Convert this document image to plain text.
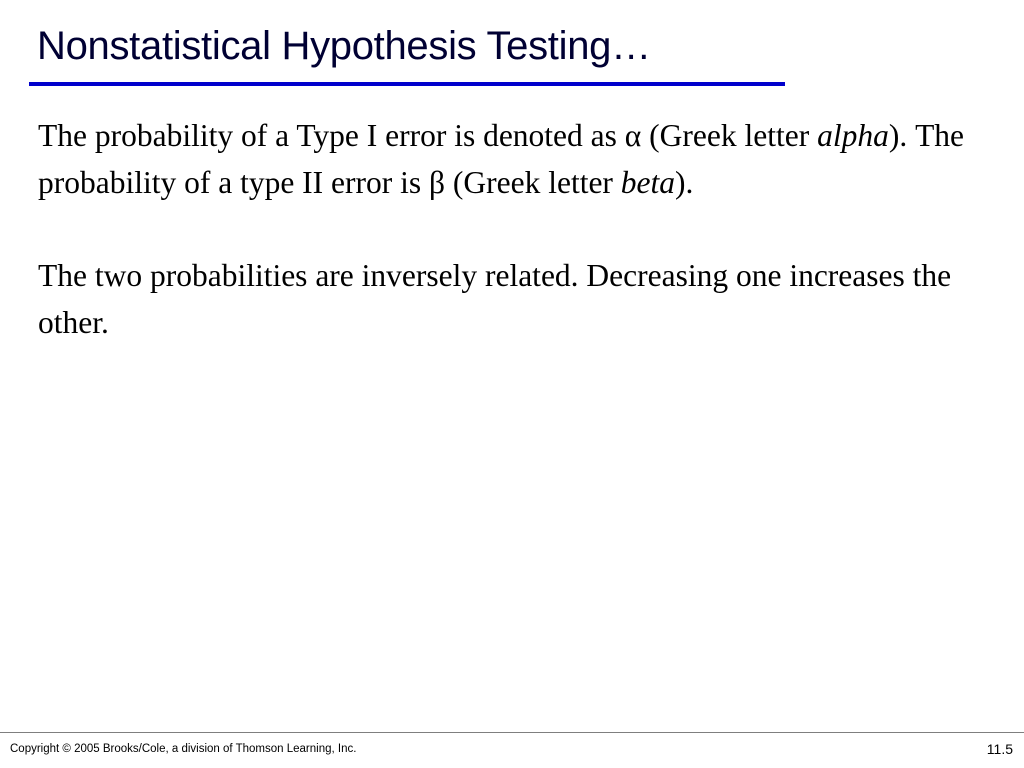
Nonstatistical Hypothesis Testing…

The probability of a Type I error is denoted as α (Greek letter alpha). The probability of a type II error is β (Greek letter beta).

The two probabilities are inversely related. Decreasing one increases the other.

Copyright © 2005 Brooks/Cole, a division of Thomson Learning, Inc.	11.5
